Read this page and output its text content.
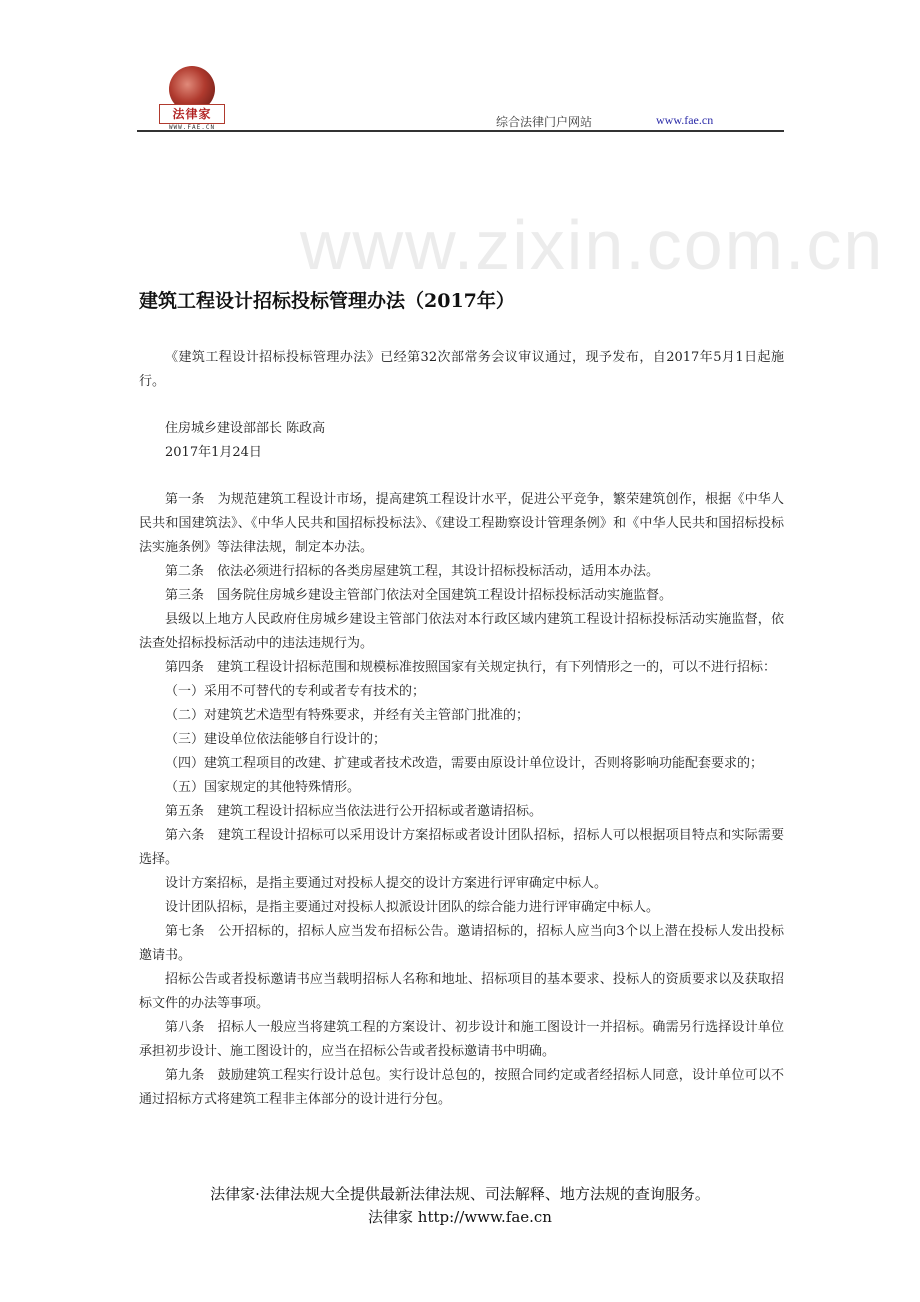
法律家
WWW.FAE.CN	综合法律门户网站	www.fae.cn
www.zixin.com.cn
建筑工程设计招标投标管理办法（2017年）

《建筑工程设计招标投标管理办法》已经第32次部常务会议审议通过，现予发布，自2017年5月1日起施行。

住房城乡建设部部长 陈政高

2017年1月24日

第一条　为规范建筑工程设计市场，提高建筑工程设计水平，促进公平竞争，繁荣建筑创作，根据《中华人民共和国建筑法》、《中华人民共和国招标投标法》、《建设工程勘察设计管理条例》和《中华人民共和国招标投标法实施条例》等法律法规，制定本办法。

第二条　依法必须进行招标的各类房屋建筑工程，其设计招标投标活动，适用本办法。

第三条　国务院住房城乡建设主管部门依法对全国建筑工程设计招标投标活动实施监督。

县级以上地方人民政府住房城乡建设主管部门依法对本行政区域内建筑工程设计招标投标活动实施监督，依法查处招标投标活动中的违法违规行为。

第四条　建筑工程设计招标范围和规模标准按照国家有关规定执行，有下列情形之一的，可以不进行招标：

（一）采用不可替代的专利或者专有技术的；

（二）对建筑艺术造型有特殊要求，并经有关主管部门批准的；

（三）建设单位依法能够自行设计的；

（四）建筑工程项目的改建、扩建或者技术改造，需要由原设计单位设计，否则将影响功能配套要求的；

（五）国家规定的其他特殊情形。

第五条　建筑工程设计招标应当依法进行公开招标或者邀请招标。

第六条　建筑工程设计招标可以采用设计方案招标或者设计团队招标，招标人可以根据项目特点和实际需要选择。

设计方案招标，是指主要通过对投标人提交的设计方案进行评审确定中标人。

设计团队招标，是指主要通过对投标人拟派设计团队的综合能力进行评审确定中标人。

第七条　公开招标的，招标人应当发布招标公告。邀请招标的，招标人应当向3个以上潜在投标人发出投标邀请书。

招标公告或者投标邀请书应当载明招标人名称和地址、招标项目的基本要求、投标人的资质要求以及获取招标文件的办法等事项。

第八条　招标人一般应当将建筑工程的方案设计、初步设计和施工图设计一并招标。确需另行选择设计单位承担初步设计、施工图设计的，应当在招标公告或者投标邀请书中明确。

第九条　鼓励建筑工程实行设计总包。实行设计总包的，按照合同约定或者经招标人同意，设计单位可以不通过招标方式将建筑工程非主体部分的设计进行分包。

法律家·法律法规大全提供最新法律法规、司法解释、地方法规的查询服务。
法律家 http://www.fae.cn
